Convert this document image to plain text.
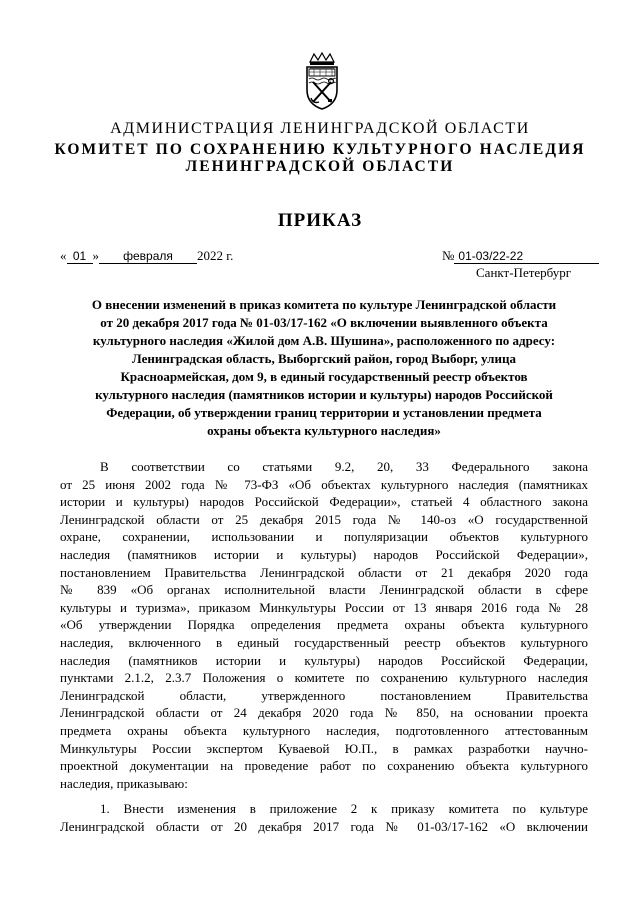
АДМИНИСТРАЦИЯ ЛЕНИНГРАДСКОЙ ОБЛАСТИ
КОМИТЕТ ПО СОХРАНЕНИЮ КУЛЬТУРНОГО НАСЛЕДИЯ
ЛЕНИНГРАДСКОЙ ОБЛАСТИ
ПРИКАЗ
« 01 » февраля 2022 г.	№ 01-03/22-22
Санкт-Петербург
О внесении изменений в приказ комитета по культуре Ленинградской области
от 20 декабря 2017 года № 01-03/17-162 «О включении выявленного объекта
культурного наследия «Жилой дом А.В. Шушина», расположенного по адресу:
Ленинградская область, Выборгский район, город Выборг, улица
Красноармейская, дом 9, в единый государственный реестр объектов
культурного наследия (памятников истории и культуры) народов Российской
Федерации, об утверждении границ территории и установлении предмета
охраны объекта культурного наследия»
В соответствии со статьями 9.2, 20, 33 Федерального закона
от 25 июня 2002 года № 73-ФЗ «Об объектах культурного наследия (памятниках
истории и культуры) народов Российской Федерации», статьей 4 областного закона
Ленинградской области от 25 декабря 2015 года № 140-оз «О государственной
охране, сохранении, использовании и популяризации объектов культурного
наследия (памятников истории и культуры) народов Российской Федерации»,
постановлением Правительства Ленинградской области от 21 декабря 2020 года
№ 839 «Об органах исполнительной власти Ленинградской области в сфере
культуры и туризма», приказом Минкультуры России от 13 января 2016 года № 28
«Об утверждении Порядка определения предмета охраны объекта культурного
наследия, включенного в единый государственный реестр объектов культурного
наследия (памятников истории и культуры) народов Российской Федерации,
пунктами 2.1.2, 2.3.7 Положения о комитете по сохранению культурного наследия
Ленинградской области, утвержденного постановлением Правительства
Ленинградской области от 24 декабря 2020 года № 850, на основании проекта
предмета охраны объекта культурного наследия, подготовленного аттестованным
Минкультуры России экспертом Куваевой Ю.П., в рамках разработки научно-
проектной документации на проведение работ по сохранению объекта культурного
наследия, приказываю:
1. Внести изменения в приложение 2 к приказу комитета по культуре
Ленинградской области от 20 декабря 2017 года № 01-03/17-162 «О включении
